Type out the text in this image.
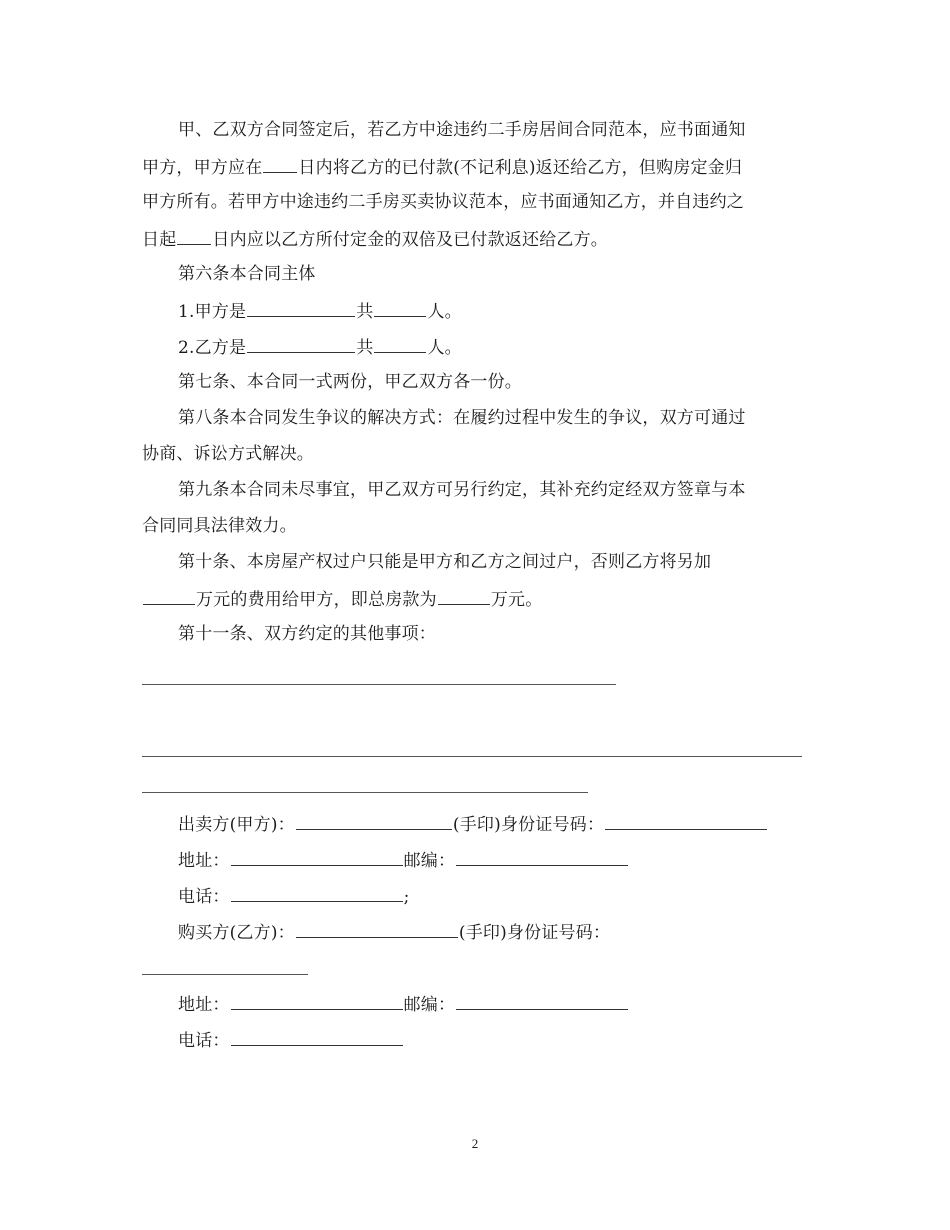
甲、乙双方合同签定后，若乙方中途违约二手房居间合同范本，应书面通知
甲方，甲方应在 日内将乙方的已付款(不记利息)返还给乙方，但购房定金归
甲方所有。若甲方中途违约二手房买卖协议范本，应书面通知乙方，并自违约之
日起 日内应以乙方所付定金的双倍及已付款返还给乙方。
第六条本合同主体
1.甲方是	共	人。
2.乙方是	共	人。
第七条、本合同一式两份，甲乙双方各一份。
第八条本合同发生争议的解决方式：在履约过程中发生的争议，双方可通过
协商、诉讼方式解决。
第九条本合同未尽事宜，甲乙双方可另行约定，其补充约定经双方签章与本
合同同具法律效力。
第十条、本房屋产权过户只能是甲方和乙方之间过户，否则乙方将另加
万元的费用给甲方，即总房款为	万元。
第十一条、双方约定的其他事项：
出卖方(甲方)：	(手印)身份证号码：
地址：	邮编：
电话：	;
购买方(乙方)：	(手印)身份证号码：
地址：	邮编：
电话：
2
